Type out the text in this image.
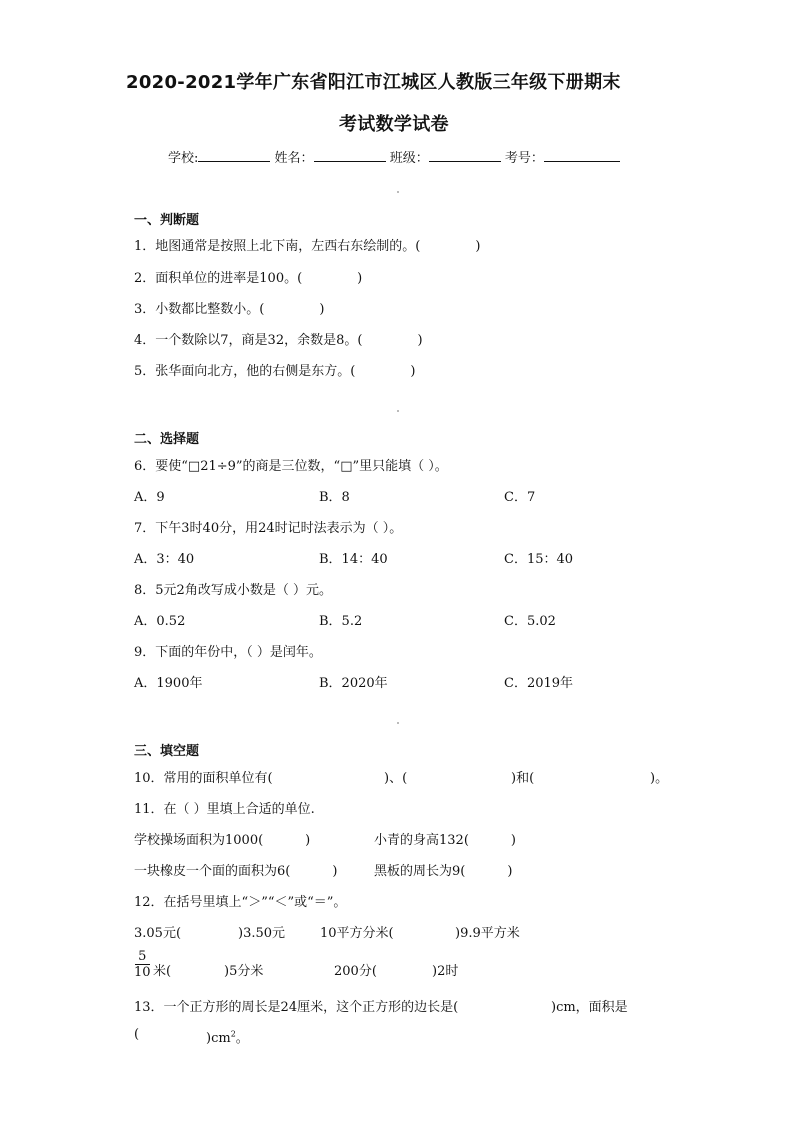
2020-2021学年广东省阳江市江城区人教版三年级下册期末
考试数学试卷
学校:	姓名：	班级：	考号：
一、判断题
1．地图通常是按照上北下南，左西右东绘制的。(	)
2．面积单位的进率是100。(	)
3．小数都比整数小。(	)
4．一个数除以7，商是32，余数是8。(	)
5．张华面向北方，他的右侧是东方。(	)
二、选择题
6．要使“□21÷9”的商是三位数，“□”里只能填（ ）。
A．9	B．8	C．7
7．下午3时40分，用24时记时法表示为（ ）。
A．3：40	B．14：40	C．15：40
8．5元2角改写成小数是（ ）元。
A．0.52	B．5.2	C．5.02
9．下面的年份中，（ ）是闰年。
A．1900年	B．2020年	C．2019年
三、填空题
10．常用的面积单位有(	)、(	)和(	)。
11．在（ ）里填上合适的单位.
学校操场面积为1000(	)	小青的身高132(	)
一块橡皮一个面的面积为6(	)	黑板的周长为9(	)
12．在括号里填上“＞”“＜”或“＝”。
3.05元(	)3.50元	10平方分米(	)9.9平方米
5
10 米(	)5分米	200分(	)2时
13．一个正方形的周长是24厘米，这个正方形的边长是(	)cm，面积是
(	)$cm^2$。
